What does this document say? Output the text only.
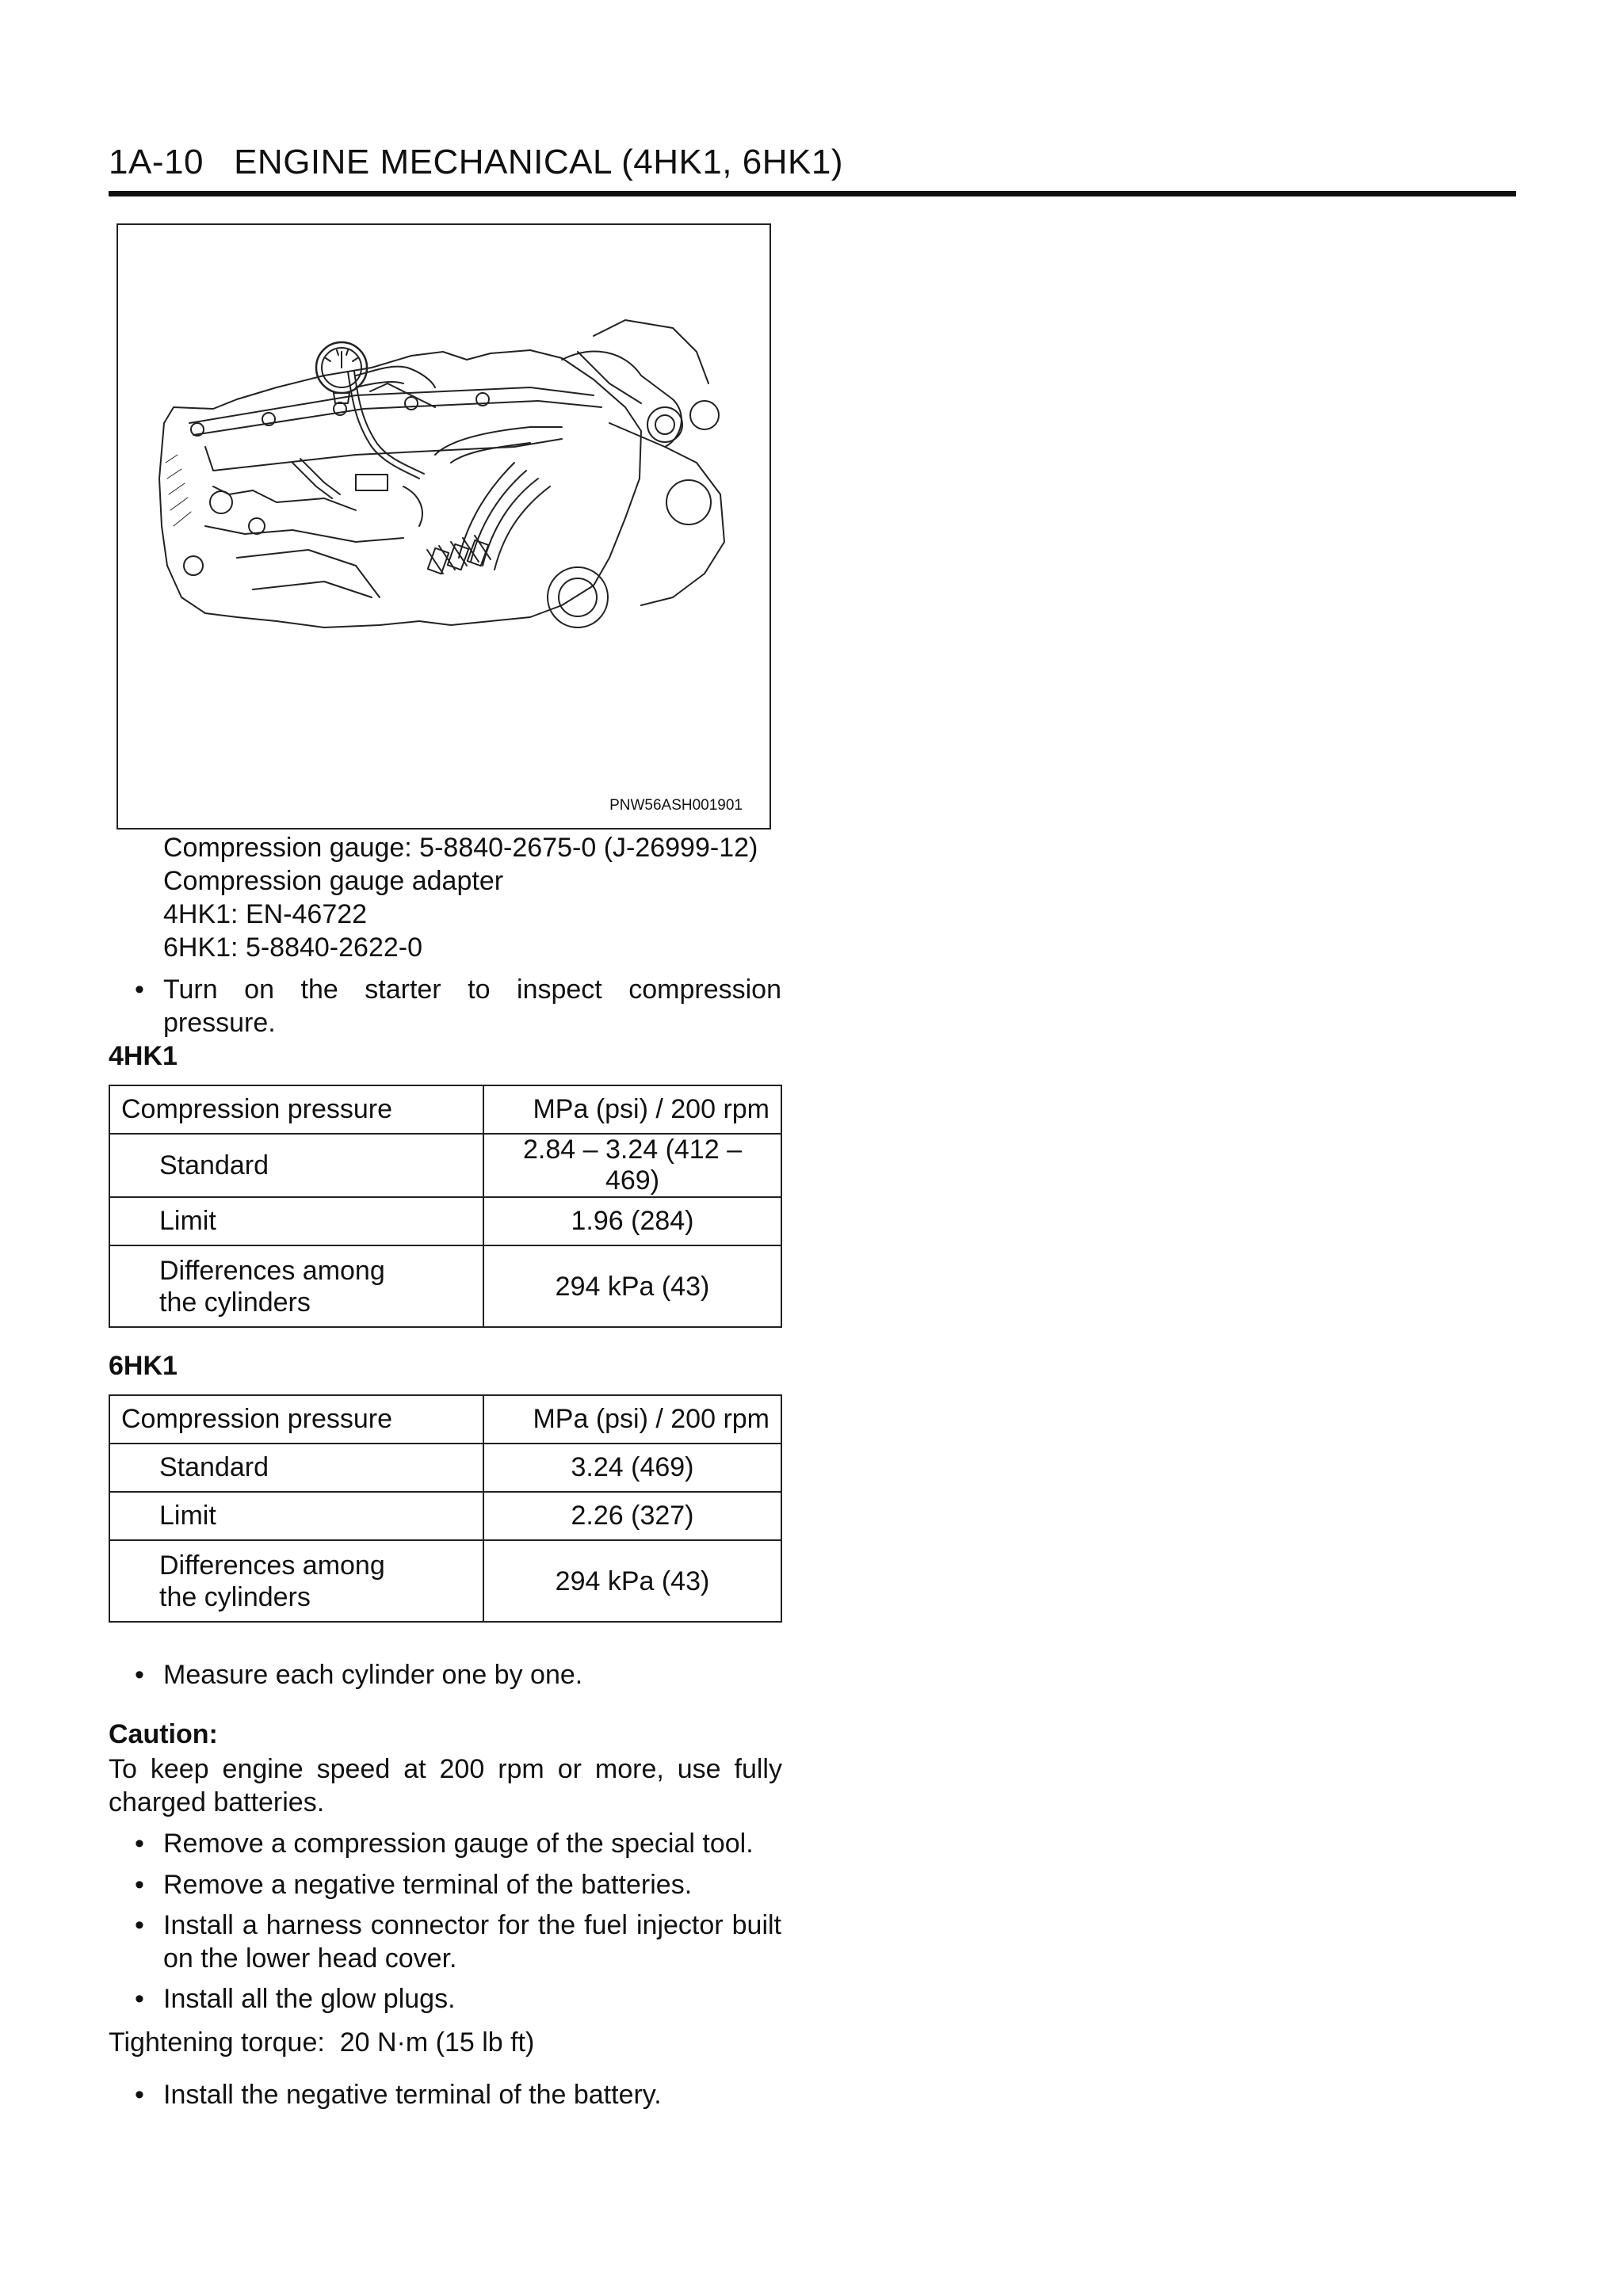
1A-10   ENGINE MECHANICAL (4HK1, 6HK1)
PNW56ASH001901
Compression gauge: 5-8840-2675-0 (J-26999-12)
Compression gauge adapter
4HK1: EN-46722
6HK1: 5-8840-2622-0
• Turn on the starter to inspect compression
pressure.
4HK1
Compression pressure	MPa (psi) / 200 rpm
Standard	2.84 – 3.24 (412 – 469)
Limit	1.96 (284)

Differences among
the cylinders	294 kPa (43)
6HK1
Compression pressure	MPa (psi) / 200 rpm
Standard	3.24 (469)
Limit	2.26 (327)

Differences among
the cylinders	294 kPa (43)
• Measure each cylinder one by one.
Caution:
To keep engine speed at 200 rpm or more, use fully
charged batteries.
• Remove a compression gauge of the special tool.
• Remove a negative terminal of the batteries.
• Install a harness connector for the fuel injector built
on the lower head cover.
• Install all the glow plugs.
Tightening torque:  20 N·m (15 lb ft)
• Install the negative terminal of the battery.
